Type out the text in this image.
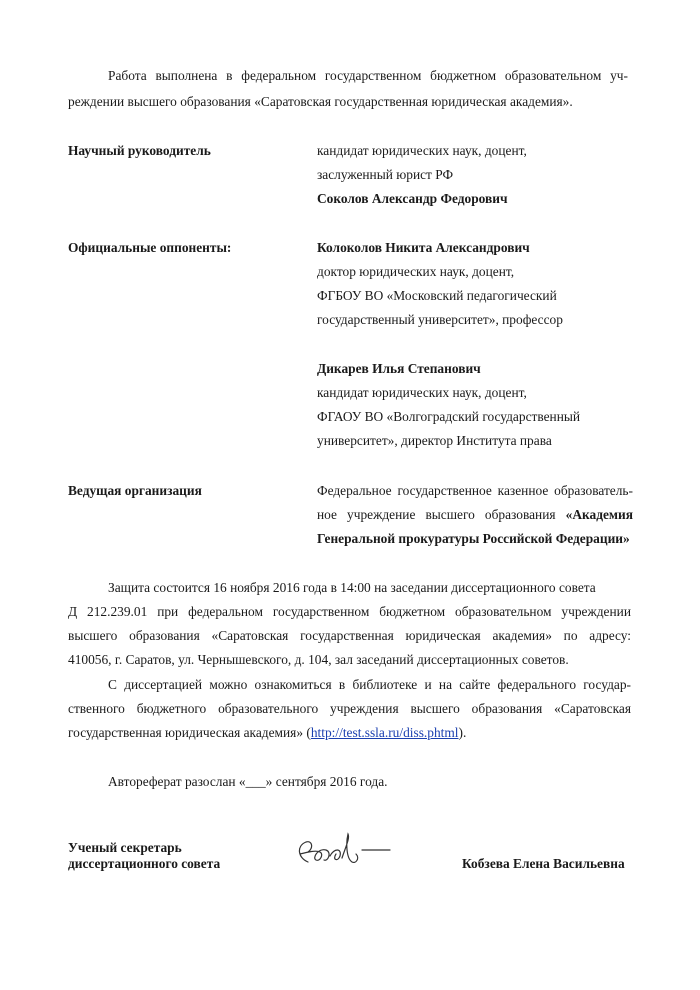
Работа выполнена в федеральном государственном бюджетном образовательном уч-
реждении высшего образования «Саратовская государственная юридическая академия».
Научный руководитель	кандидат юридических наук, доцент,
заслуженный юрист РФ
Соколов Александр Федорович
Официальные оппоненты:	Колоколов Никита Александрович
доктор юридических наук, доцент,
ФГБОУ ВО «Московский педагогический
государственный университет», профессор
Дикарев Илья Степанович
кандидат юридических наук, доцент,
ФГАОУ ВО «Волгоградский государственный
университет», директор Института права
Ведущая организация	Федеральное государственное казенное образователь-
ное учреждение высшего образования «Академия
Генеральной прокуратуры Российской Федерации»
Защита состоится 16 ноября 2016 года в 14:00 на заседании диссертационного совета
Д 212.239.01 при федеральном государственном бюджетном образовательном учреждении
высшего образования «Саратовская государственная юридическая академия» по адресу:
410056, г. Саратов, ул. Чернышевского, д. 104, зал заседаний диссертационных советов.
С диссертацией можно ознакомиться в библиотеке и на сайте федерального государ-
ственного бюджетного образовательного учреждения высшего образования «Саратовская
государственная юридическая академия» (http://test.ssla.ru/diss.phtml).
Автореферат разослан «___» сентября 2016 года.
Ученый секретарь
диссертационного совета	Кобзева Елена Васильевна
